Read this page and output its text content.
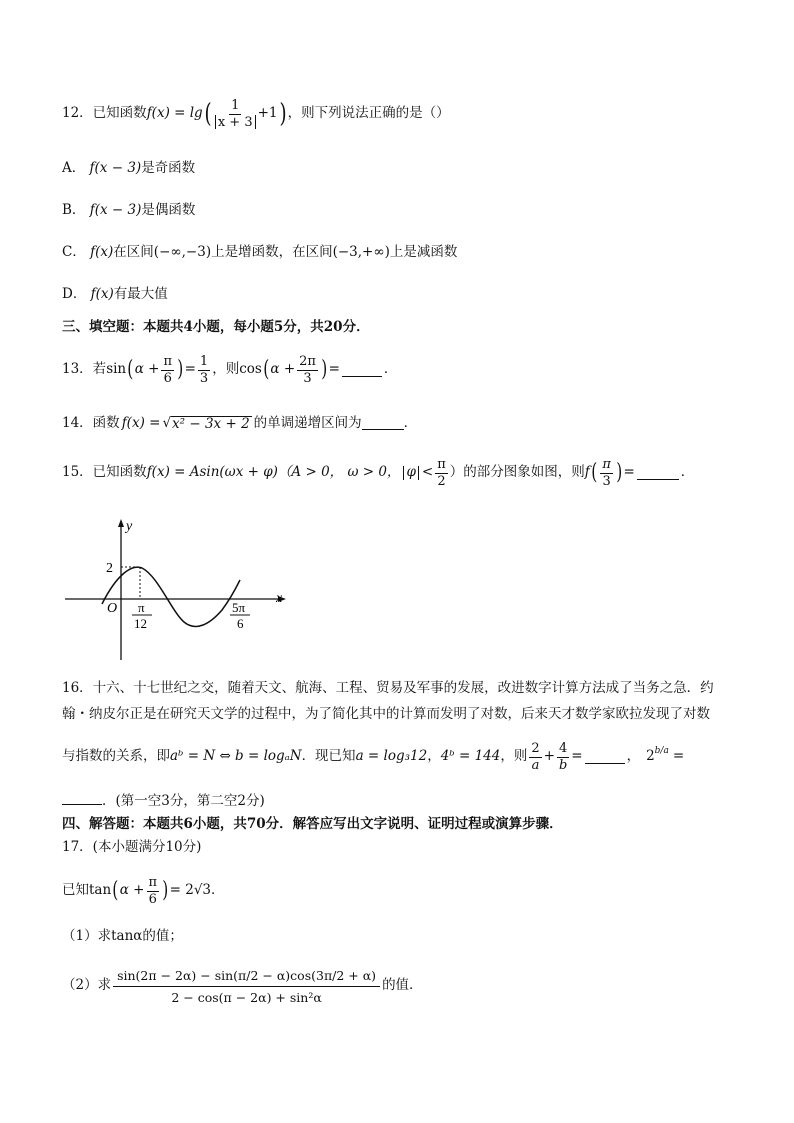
12．已知函数 f(x) = lg ( $\frac{1}{x + 3} +1$ ) ，则下列说法正确的是（）
A． f(x − 3)是奇函数
B． f(x − 3)是偶函数
C． f(x)在区间(−∞,−3)上是增函数，在区间(−3,+∞)上是减函数
D． f(x)有最大值
三、填空题：本题共4小题，每小题5分，共20分．
13．若 sin ( $\alpha + \frac{\pi}{6}$ ) = $\frac{1}{3}$ ，则 cos ( $\alpha + \frac{2\pi}{3}$ ) =	．
14．函数 f(x) = √ x² − 3x + 2 的单调递增区间为	．
15．已知函数 f(x) = Asin(ωx + φ) （A > 0， ω > 0， $\varphi < \frac{\pi}{2}$ ）的部分图象如图，则 f ( $\frac{\pi}{3}$ ) =	．
y
x
O
2
π
12
5π
6
16．十六、十七世纪之交，随着天文、航海、工程、贸易及军事的发展，改进数字计算方法成了当务之急．约
翰・纳皮尔正是在研究天文学的过程中，为了简化其中的计算而发明了对数，后来天才数学家欧拉发现了对数
与指数的关系，即 aᵇ = N ⇔ b = logₐN ．现已知 a = log₃12 ， 4ᵇ = 144 ，则 $\frac{2}{a} + \frac{4}{b}$ =	， $2^{b/a}$ =
．(第一空3分，第二空2分)
四、解答题：本题共6小题，共70分．解答应写出文字说明、证明过程或演算步骤．
17．(本小题满分10分)
已知 tan ( $\alpha + \frac{\pi}{6}$ ) = 2√3．
（1）求tanα的值；
（2）求 $\frac{\sin(2\pi - 2\alpha) - \sin(\pi/2 - \alpha)\cos(3\pi/2 + \alpha)}{\text{2 − cos(π − 2α) + sin²α}}$ 的值．
